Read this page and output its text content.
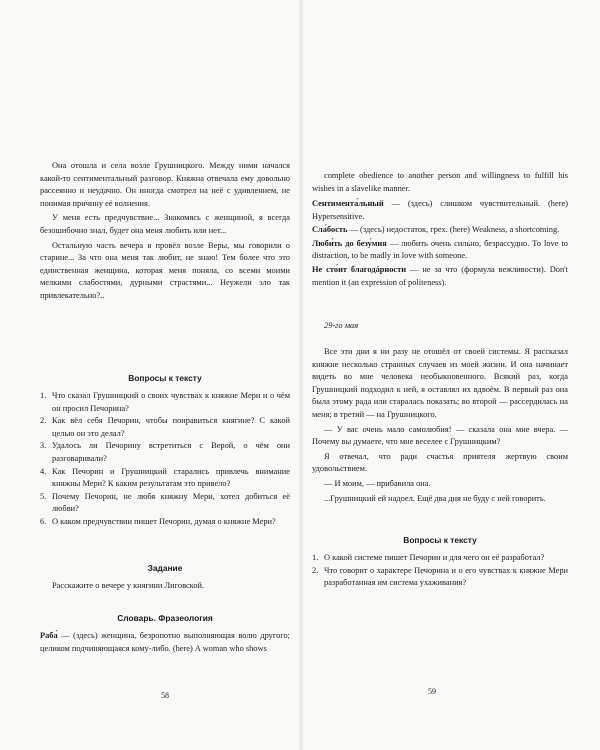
Она отошла и села возле Грушницкого. Между ними начался какой-то сентиментальный разговор. Княжна отвечала ему довольно рассеянно и неудачно. Он иногда смотрел на неё с удивлением, не понимая причину её волнения.

У меня есть предчувствие... Знакомясь с женщиной, я всегда безошибочно знал, будет она меня любить или нет...

Остальную часть вечера я провёл возле Веры, мы говорили о старине... За что она меня так любит, не знаю! Тем более что это единственная женщина, которая меня поняла, со всеми моими мелкими слабостями, дурными страстями... Неужели зло так привлекательно?..

Вопросы к тексту
1. Что сказал Грушницкий о своих чувствах к княжне Мери и о чём он просил Печорина?
2. Как вёл себя Печорин, чтобы понравиться княгине? С какой целью он это делал?
3. Удалось ли Печорину встретиться с Верой, о чём они разговаривали?
4. Как Печорин и Грушницкий старались привлечь внимание княжны Мери? К каким результатам это привело?
5. Почему Печорин, не любя княжну Мери, хотел добиться её любви?
6. О каком предчувствии пишет Печорин, думая о княжне Мери?
Задание

Расскажите о вечере у княгини Лиговской.

Словарь. Фразеология

Раба́ — (здесь) женщина, безропотно выполняющая волю другого; целиком подчиняющаяся кому-либо. (here) A woman who shows

58

complete obedience to another person and willingness to fulfill his wishes in a slavelike manner.

Сентимента́льный — (здесь) слишком чувствительный. (here) Hypersensitive.

Сла́бость — (здесь) недостаток, грех. (here) Weakness, a shortcoming.

Люби́ть до безу́мия — любить очень сильно, безрассудно. To love to distraction, to be madly in love with someone.

Не сто́ит благодáрности — не за что (формула вежливости). Don't mention it (an expression of politeness).

29-го мая

Все эти дни я ни разу не отошёл от своей системы. Я рассказал княжне несколько странных случаев из моей жизни. И она начинает видеть во мне человека необыкновенного. Всякий раз, когда Грушницкий подходил к ней, я оставлял их вдвоём. В первый раз она была этому рада или старалась показать; во второй — рассердилась на меня; в третий — на Грушницкого.

— У вас очень мало самолюбия! — сказала она мне вчера. — Почему вы думаете, что мне веселее с Грушницким?

Я отвечал, что ради счастья приятеля жертвую своим удовольствием.

— И моим, — прибавила она.

...Грушницкий ей надоел. Ещё два дня не буду с ней говорить.

Вопросы к тексту
1. О какой системе пишет Печорин и для чего он её разработал?
2. Что говорит о характере Печорина и о его чувствах к княжне Мери разработанная им система ухаживания?
59
